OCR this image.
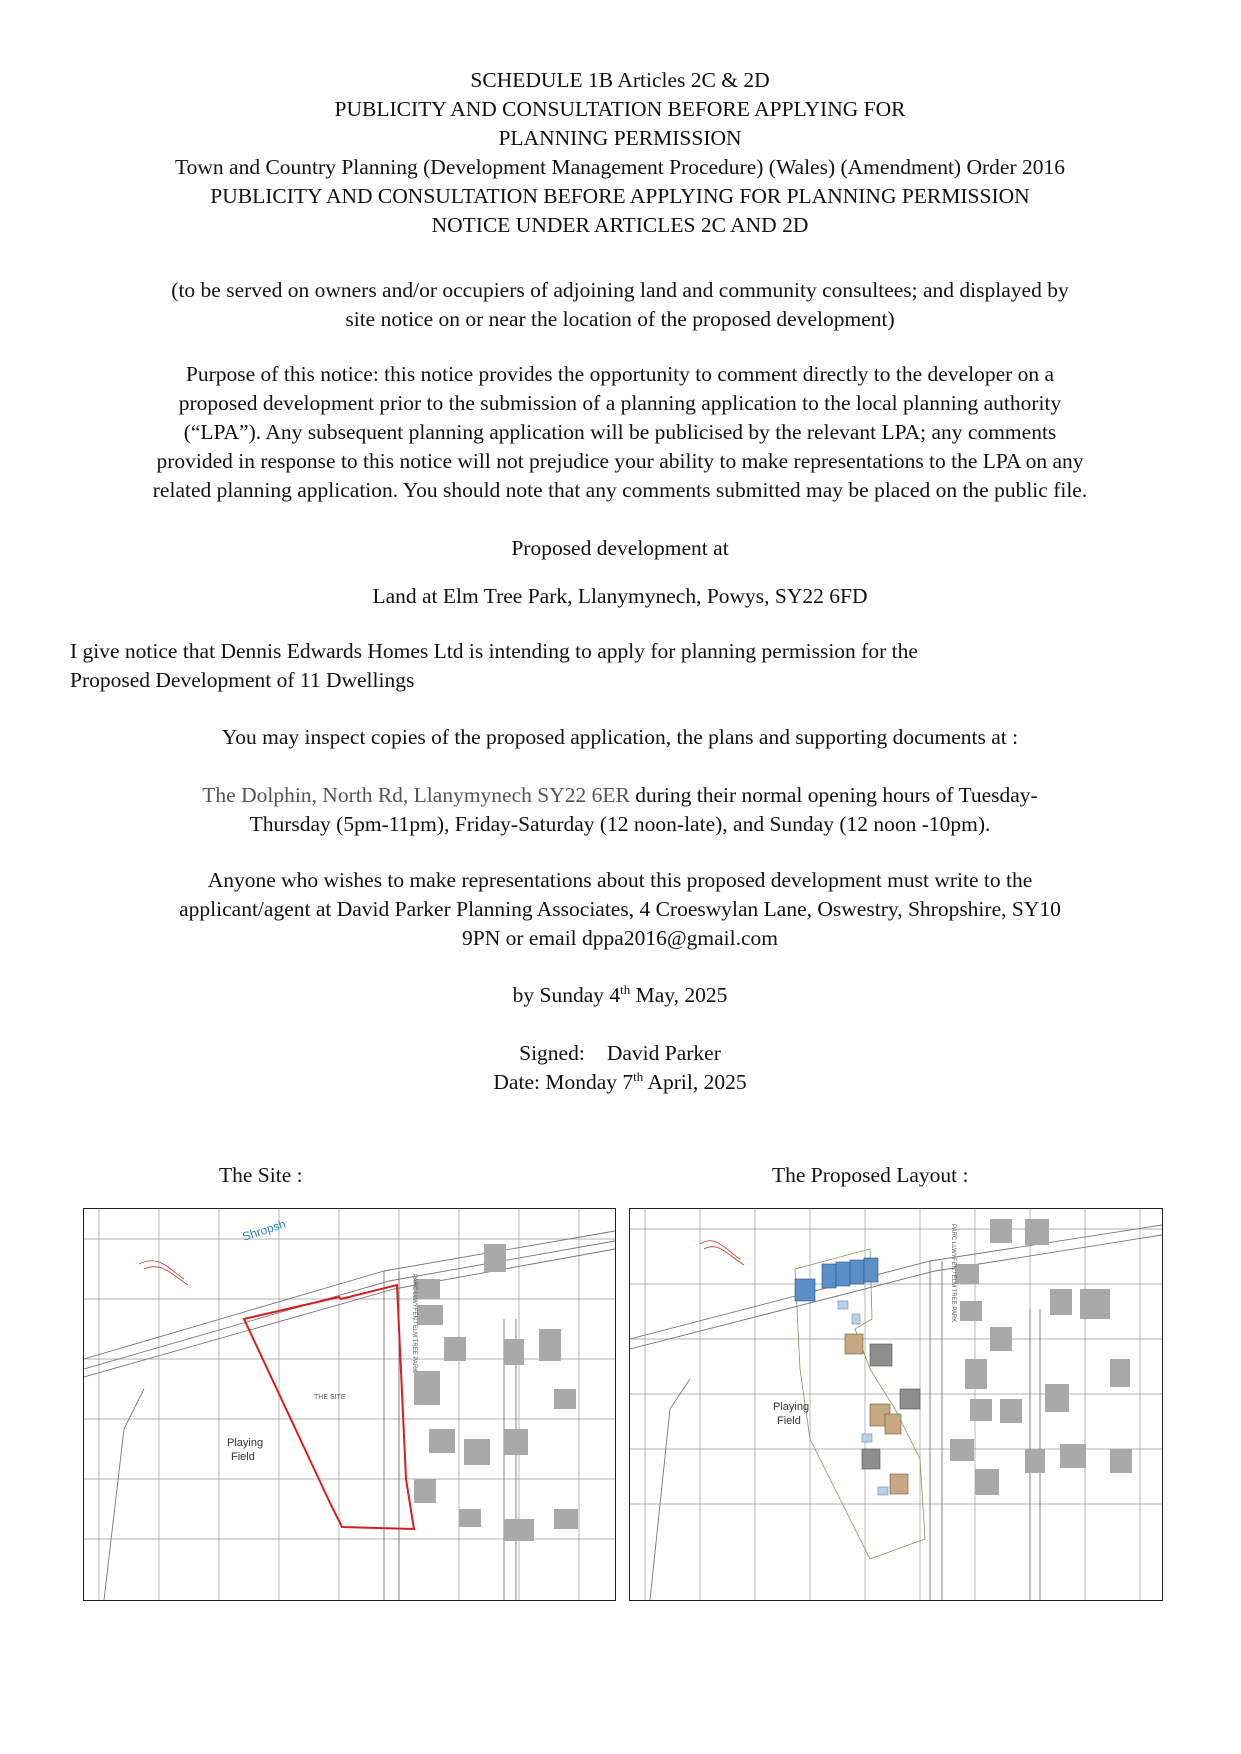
SCHEDULE 1B Articles 2C & 2D

PUBLICITY AND CONSULTATION BEFORE APPLYING FOR

PLANNING PERMISSION

Town and Country Planning (Development Management Procedure) (Wales) (Amendment) Order 2016

PUBLICITY AND CONSULTATION BEFORE APPLYING FOR PLANNING PERMISSION

NOTICE UNDER ARTICLES 2C AND 2D

(to be served on owners and/or occupiers of adjoining land and community consultees; and displayed by

site notice on or near the location of the proposed development)

Purpose of this notice: this notice provides the opportunity to comment directly to the developer on a

proposed development prior to the submission of a planning application to the local planning authority

(“LPA”). Any subsequent planning application will be publicised by the relevant LPA; any comments

provided in response to this notice will not prejudice your ability to make representations to the LPA on any

related planning application. You should note that any comments submitted may be placed on the public file.

Proposed development at

Land at Elm Tree Park, Llanymynech, Powys, SY22 6FD

I give notice that Dennis Edwards Homes Ltd is intending to apply for planning permission for the

Proposed Development of 11 Dwellings

You may inspect copies of the proposed application, the plans and supporting documents at :

The Dolphin, North Rd, Llanymynech SY22 6ER during their normal opening hours of Tuesday-

Thursday (5pm-11pm), Friday-Saturday (12 noon-late), and Sunday (12 noon -10pm).

Anyone who wishes to make representations about this proposed development must write to the

applicant/agent at David Parker Planning Associates, 4 Croeswylan Lane, Oswestry, Shropshire, SY10

9PN or email dppa2016@gmail.com

by Sunday 4th May, 2025

Signed: David Parker

Date: Monday 7th April, 2025

The Site :	The Proposed Layout :
Shropsh
THE SITE
Playing
Field
PARC LLWYFEN / ELM TREE PARK
Playing
Field
PARC LLWYFEN / ELM TREE PARK
